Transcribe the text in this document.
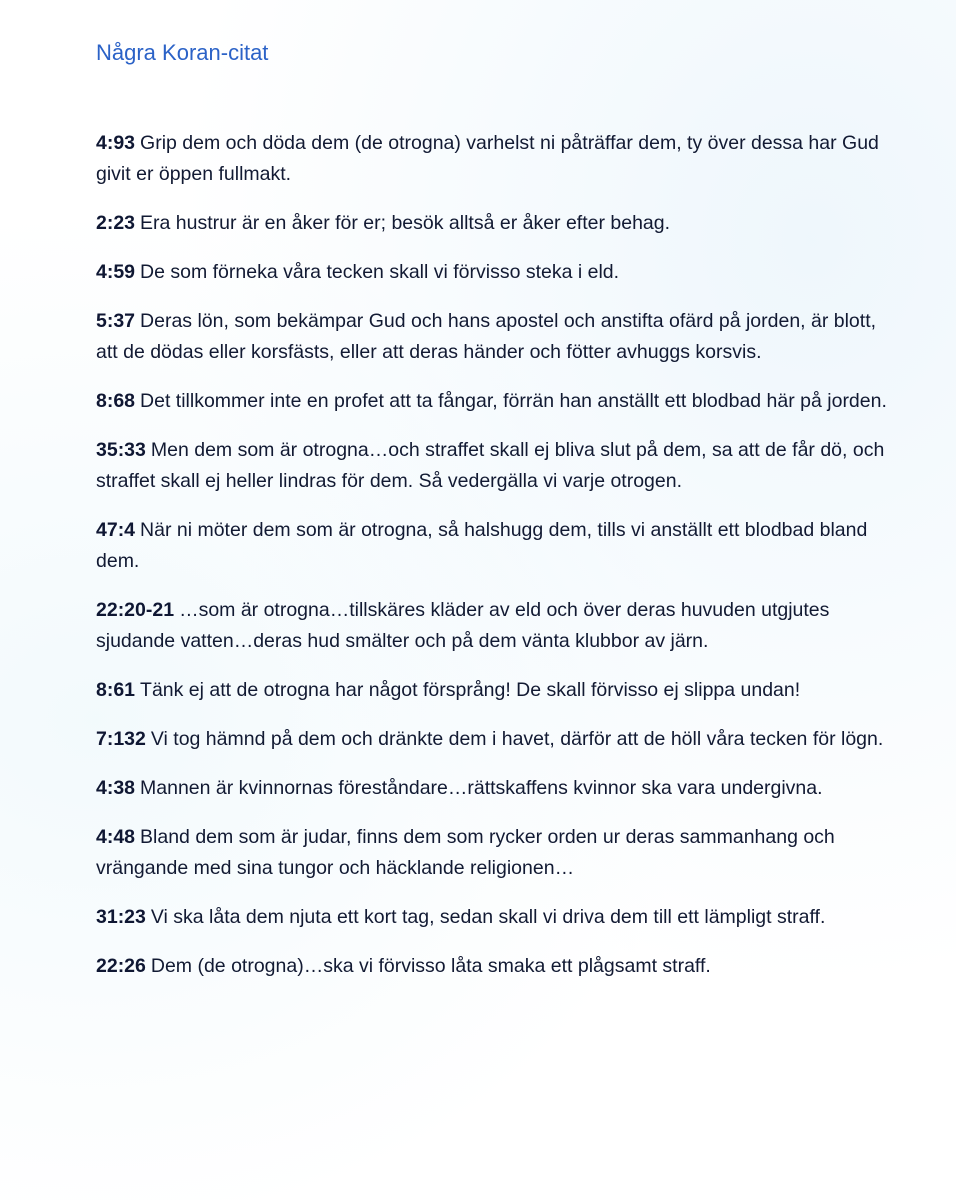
Några Koran-citat

4:93 Grip dem och döda dem (de otrogna) varhelst ni påträffar dem, ty över dessa har Gud givit er öppen fullmakt.

2:23 Era hustrur är en åker för er; besök alltså er åker efter behag.

4:59 De som förneka våra tecken skall vi förvisso steka i eld.

5:37 Deras lön, som bekämpar Gud och hans apostel och anstifta ofärd på jorden, är blott, att de dödas eller korsfästs, eller att deras händer och fötter avhuggs korsvis.

8:68 Det tillkommer inte en profet att ta fångar, förrän han anställt ett blodbad här på jorden.

35:33 Men dem som är otrogna…och straffet skall ej bliva slut på dem, sa att de får dö, och straffet skall ej heller lindras för dem. Så vedergälla vi varje otrogen.

47:4 När ni möter dem som är otrogna, så halshugg dem, tills vi anställt ett blodbad bland dem.

22:20-21 …som är otrogna…tillskäres kläder av eld och över deras huvuden utgjutes sjudande vatten…deras hud smälter och på dem vänta klubbor av järn.

8:61 Tänk ej att de otrogna har något försprång! De skall förvisso ej slippa undan!

7:132 Vi tog hämnd på dem och dränkte dem i havet, därför att de höll våra tecken för lögn.

4:38 Mannen är kvinnornas föreståndare…rättskaffens kvinnor ska vara undergivna.

4:48 Bland dem som är judar, finns dem som rycker orden ur deras sammanhang och vrängande med sina tungor och häcklande religionen…

31:23 Vi ska låta dem njuta ett kort tag, sedan skall vi driva dem till ett lämpligt straff.

22:26 Dem (de otrogna)…ska vi förvisso låta smaka ett plågsamt straff.
